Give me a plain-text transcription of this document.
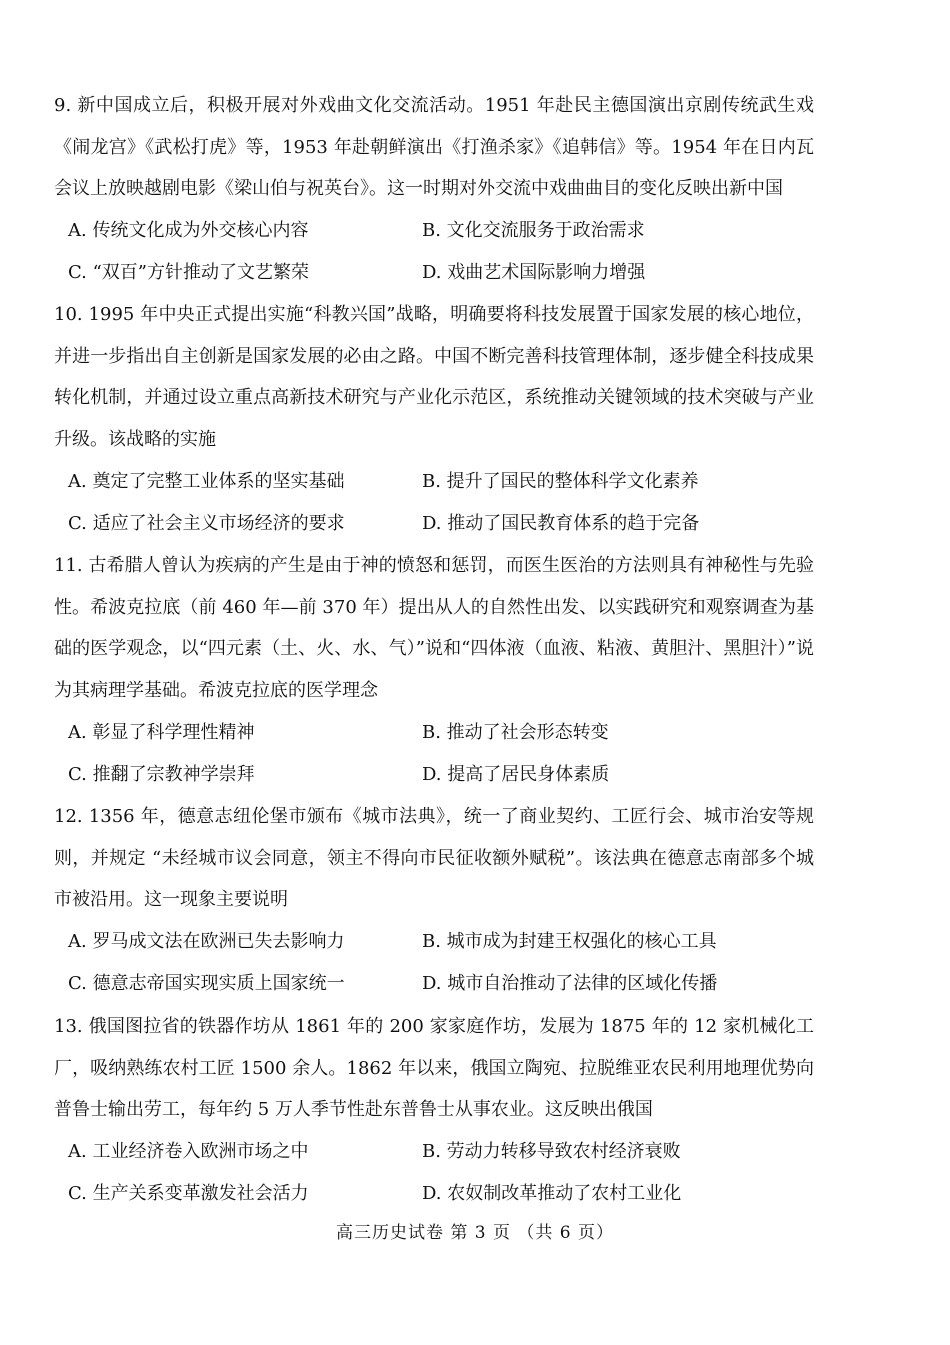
9. 新中国成立后，积极开展对外戏曲文化交流活动。1951 年赴民主德国演出京剧传统武生戏《闹龙宫》《武松打虎》等，1953 年赴朝鲜演出《打渔杀家》《追韩信》等。1954 年在日内瓦会议上放映越剧电影《梁山伯与祝英台》。这一时期对外交流中戏曲曲目的变化反映出新中国

A. 传统文化成为外交核心内容	B. 文化交流服务于政治需求
C. “双百”方针推动了文艺繁荣	D. 戏曲艺术国际影响力增强

10. 1995 年中央正式提出实施“科教兴国”战略，明确要将科技发展置于国家发展的核心地位，并进一步指出自主创新是国家发展的必由之路。中国不断完善科技管理体制，逐步健全科技成果转化机制，并通过设立重点高新技术研究与产业化示范区，系统推动关键领域的技术突破与产业升级。该战略的实施

A. 奠定了完整工业体系的坚实基础	B. 提升了国民的整体科学文化素养
C. 适应了社会主义市场经济的要求	D. 推动了国民教育体系的趋于完备

11. 古希腊人曾认为疾病的产生是由于神的愤怒和惩罚，而医生医治的方法则具有神秘性与先验性。希波克拉底（前 460 年—前 370 年）提出从人的自然性出发、以实践研究和观察调查为基础的医学观念，以“四元素（土、火、水、气）”说和“四体液（血液、粘液、黄胆汁、黑胆汁）”说为其病理学基础。希波克拉底的医学理念

A. 彰显了科学理性精神	B. 推动了社会形态转变
C. 推翻了宗教神学崇拜	D. 提高了居民身体素质

12. 1356 年，德意志纽伦堡市颁布《城市法典》，统一了商业契约、工匠行会、城市治安等规则，并规定 “未经城市议会同意，领主不得向市民征收额外赋税”。该法典在德意志南部多个城市被沿用。这一现象主要说明

A. 罗马成文法在欧洲已失去影响力	B. 城市成为封建王权强化的核心工具
C. 德意志帝国实现实质上国家统一	D. 城市自治推动了法律的区域化传播

13. 俄国图拉省的铁器作坊从 1861 年的 200 家家庭作坊，发展为 1875 年的 12 家机械化工厂，吸纳熟练农村工匠 1500 余人。1862 年以来，俄国立陶宛、拉脱维亚农民利用地理优势向普鲁士输出劳工，每年约 5 万人季节性赴东普鲁士从事农业。这反映出俄国

A. 工业经济卷入欧洲市场之中	B. 劳动力转移导致农村经济衰败
C. 生产关系变革激发社会活力	D. 农奴制改革推动了农村工业化
高三历史试卷 第 3 页 （共 6 页）
